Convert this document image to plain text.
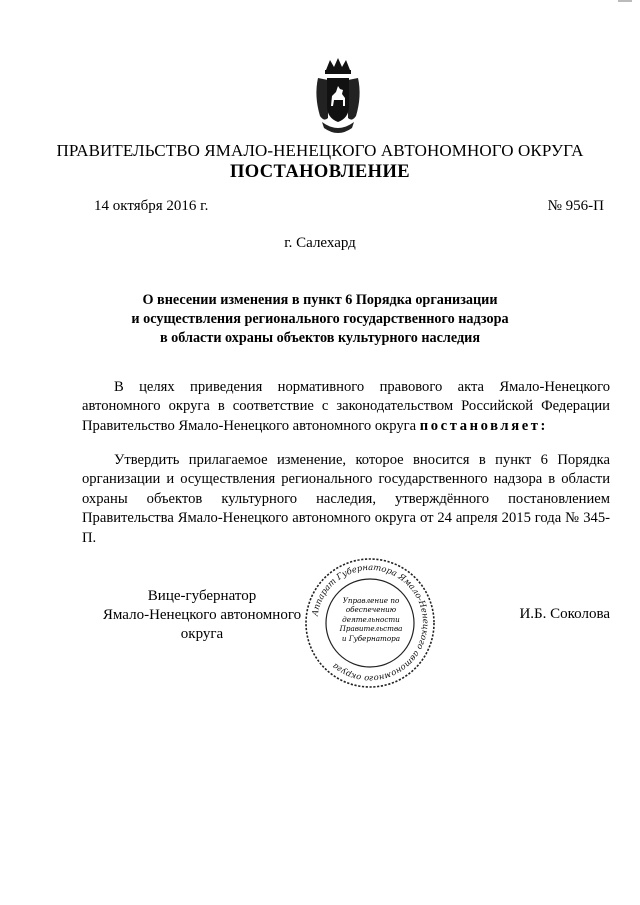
ПРАВИТЕЛЬСТВО ЯМАЛО-НЕНЕЦКОГО АВТОНОМНОГО ОКРУГА
ПОСТАНОВЛЕНИЕ
14 октября 2016 г.	№ 956-П
г. Салехард
О внесении изменения в пункт 6 Порядка организации
и осуществления регионального государственного надзора
в области охраны объектов культурного наследия
В целях приведения нормативного правового акта Ямало-Ненецкого автономного округа в соответствие с законодательством Российской Федерации Правительство Ямало-Ненецкого автономного округа постановляет:
Утвердить прилагаемое изменение, которое вносится в пункт 6 Порядка организации и осуществления регионального государственного надзора в области охраны объектов культурного наследия, утверждённого постановлением Правительства Ямало-Ненецкого автономного округа от 24 апреля 2015 года № 345-П.
Вице-губернатор
Ямало-Ненецкого автономного округа
И.Б. Соколова
Аппарат Губернатора Ямало-Ненецкого автономного округа
Управление по
обеспечению
деятельности
Правительства
и Губернатора
